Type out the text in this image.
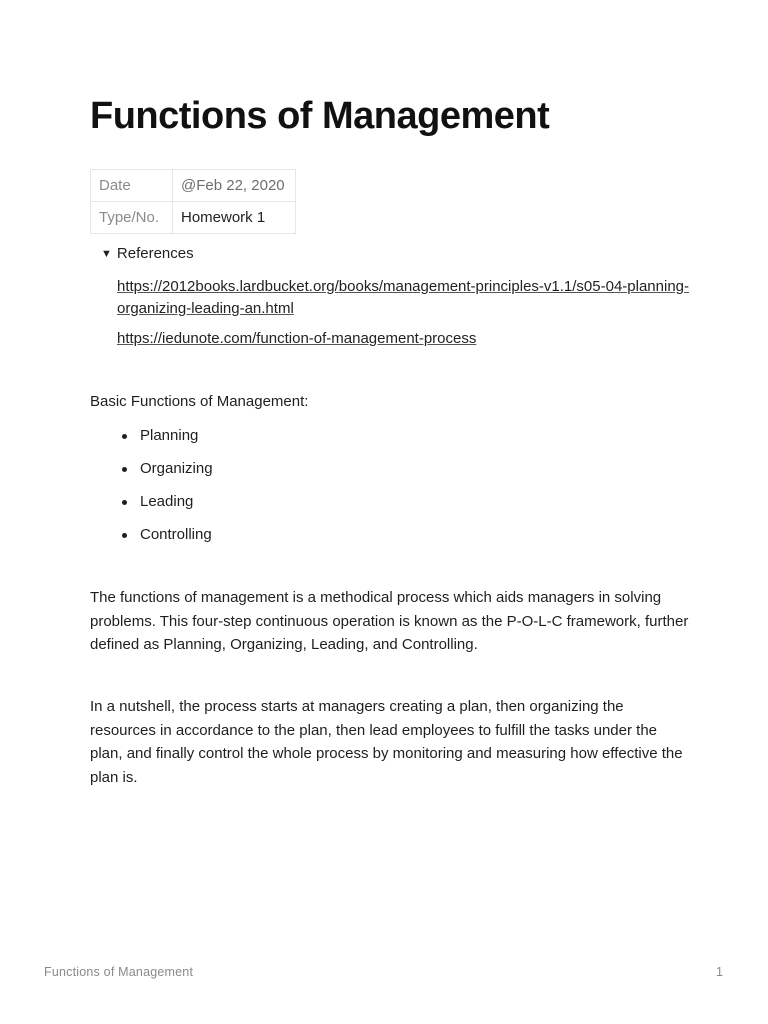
Functions of Management
Date	@Feb 22, 2020
Type/No.	Homework 1
▼ References
https://2012books.lardbucket.org/books/management-principles-v1.1/s05-04-planning-organizing-leading-an.html
https://iedunote.com/function-of-management-process
Basic Functions of Management:
Planning
Organizing
Leading
Controlling

The functions of management is a methodical process which aids managers in solving problems. This four-step continuous operation is known as the P-O-L-C framework, further defined as Planning, Organizing, Leading, and Controlling.

In a nutshell, the process starts at managers creating a plan, then organizing the resources in accordance to the plan, then lead employees to fulfill the tasks under the plan, and finally control the whole process by monitoring and measuring how effective the plan is.

Functions of Management	1
